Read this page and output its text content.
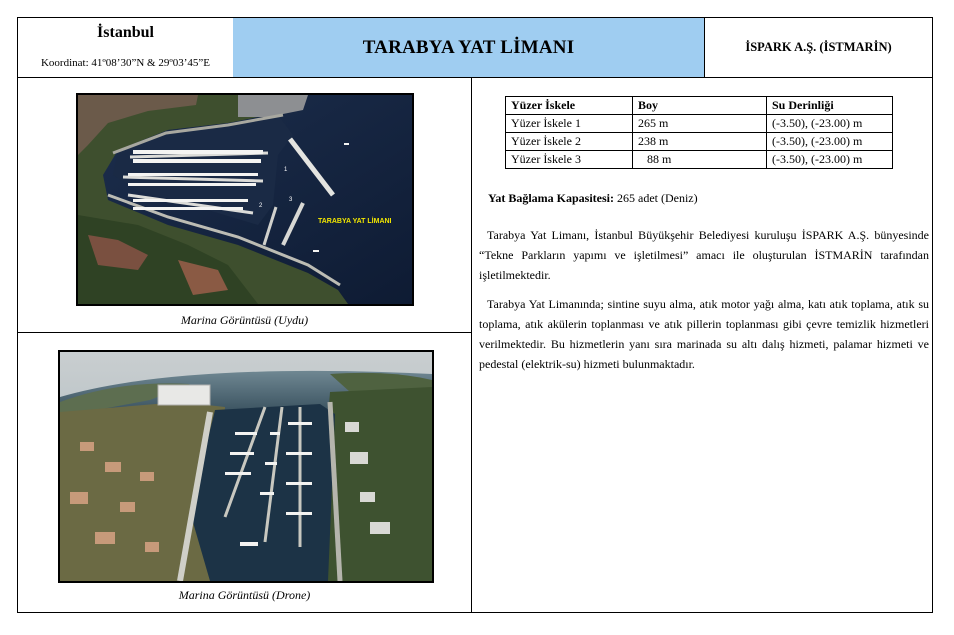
İstanbul
Koordinat: 41º08’30”N & 29º03’45”E
TARABYA YAT LİMANI	İSPARK A.Ş. (İSTMARİN)
1
2
3
TARABYA YAT LİMANI
Marina Görüntüsü (Uydu)
Marina Görüntüsü (Drone)
Yüzer İskele	Boy	Su Derinliği
Yüzer İskele 1	265 m	(-3.50), (-23.00) m
Yüzer İskele 2	238 m	(-3.50), (-23.00) m
Yüzer İskele 3	88 m	(-3.50), (-23.00) m
Yat Bağlama Kapasitesi: 265 adet (Deniz)
Tarabya Yat Limanı, İstanbul Büyükşehir Belediyesi kuruluşu İSPARK A.Ş. bünyesinde “Tekne Parkların yapımı ve işletilmesi” amacı ile oluşturulan İSTMARİN tarafından işletilmektedir.
Tarabya Yat Limanında; sintine suyu alma, atık motor yağı alma, katı atık toplama, atık su toplama, atık akülerin toplanması ve atık pillerin toplanması gibi çevre temizlik hizmetleri verilmektedir. Bu hizmetlerin yanı sıra marinada su altı dalış hizmeti, palamar hizmeti ve pedestal (elektrik-su) hizmeti bulunmaktadır.
